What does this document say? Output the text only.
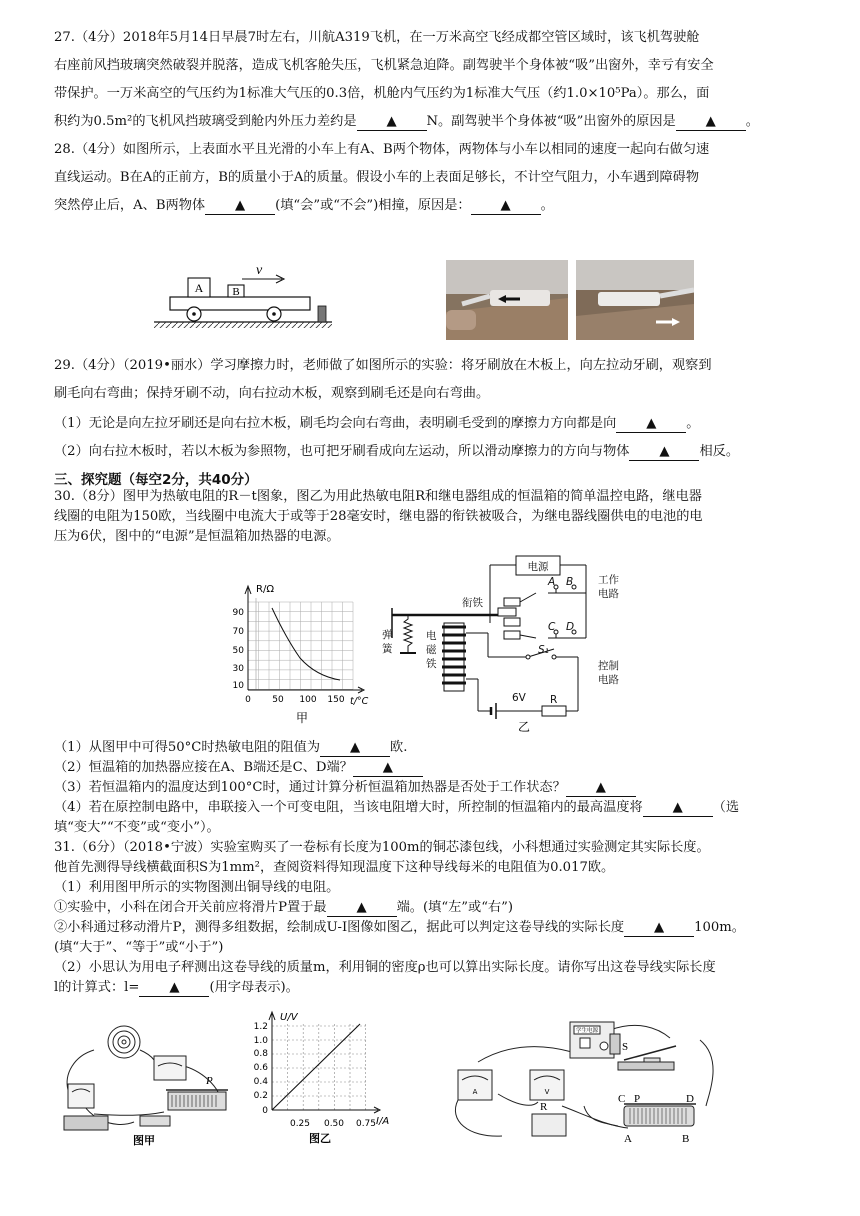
27.（4分）2018年5月14日早晨7时左右，川航A319飞机，在一万米高空飞经成都空管区域时，该飞机驾驶舱

右座前风挡玻璃突然破裂并脱落，造成飞机客舱失压，飞机紧急迫降。副驾驶半个身体被“吸”出窗外，幸亏有安全

带保护。一万米高空的气压约为1标准大气压的0.3倍，机舱内气压约为1标准大气压（约1.0×10⁵Pa）。那么，面

积约为0.5m²的飞机风挡玻璃受到舱内外压力差约是 ▲ N。副驾驶半个身体被“吸”出窗外的原因是 ▲ 。

28.（4分）如图所示，上表面水平且光滑的小车上有A、B两个物体，两物体与小车以相同的速度一起向右做匀速

直线运动。B在A的正前方，B的质量小于A的质量。假设小车的上表面足够长，不计空气阻力，小车遇到障碍物

突然停止后，A、B两物体 ▲ (填“会”或“不会”)相撞，原因是： ▲ 。

A	B
v

29.（4分）（2019•丽水）学习摩擦力时，老师做了如图所示的实验：将牙刷放在木板上，向左拉动牙刷，观察到

刷毛向右弯曲；保持牙刷不动，向右拉动木板，观察到刷毛还是向右弯曲。

（1）无论是向左拉牙刷还是向右拉木板，刷毛均会向右弯曲，表明刷毛受到的摩擦力方向都是向 ▲ 。

（2）向右拉木板时，若以木板为参照物，也可把牙刷看成向左运动，所以滑动摩擦力的方向与物体 ▲ 相反。

三、探究题（每空2分，共40分）

30.（8分）图甲为热敏电阻的R－t图象，图乙为用此热敏电阻R和继电器组成的恒温箱的简单温控电路，继电器

线圈的电阻为150欧，当线圈中电流大于或等于28毫安时，继电器的衔铁被吸合，为继电器线圈供电的电池的电

压为6伏，图中的“电源”是恒温箱加热器的电源。

R/Ω
t/°C
90
70
50
30
10
0 50 100 150
甲
电源
工作
电路
控制
电路
衔铁
弹
簧
电
磁
铁
6V R
S₁
A B
C D
乙

（1）从图甲中可得50°C时热敏电阻的阻值为 ▲ 欧.

（2）恒温箱的加热器应接在A、B端还是C、D端？ ▲

（3）若恒温箱内的温度达到100°C时，通过计算分析恒温箱加热器是否处于工作状态？ ▲

（4）若在原控制电路中，串联接入一个可变电阻，当该电阻增大时，所控制的恒温箱内的最高温度将 ▲ （选

填“变大”“不变”或“变小”）。

31.（6分）（2018•宁波）实验室购买了一卷标有长度为100m的铜芯漆包线，小科想通过实验测定其实际长度。

他首先测得导线横截面积S为1mm²，查阅资料得知现温度下这种导线每米的电阻值为0.017欧。

（1）利用图甲所示的实物图测出铜导线的电阻。

①实验中，小科在闭合开关前应将滑片P置于最 ▲ 端。(填“左”或“右”)

②小科通过移动滑片P，测得多组数据，绘制成U-I图像如图乙，据此可以判定这卷导线的实际长度 ▲ 100m。

(填“大于”、“等于”或“小于”)

（2）小思认为用电子秤测出这卷导线的质量m，利用铜的密度ρ也可以算出实际长度。请你写出这卷导线实际长度

l的计算式：l= ▲ (用字母表示)。

P
图甲
U/V
I/A
1.2
1.0
0.8
0.6
0.4
0.2
0
0.25 0.50 0.75
图乙
学生电源
S
A	V
R
C P	D
A	B
